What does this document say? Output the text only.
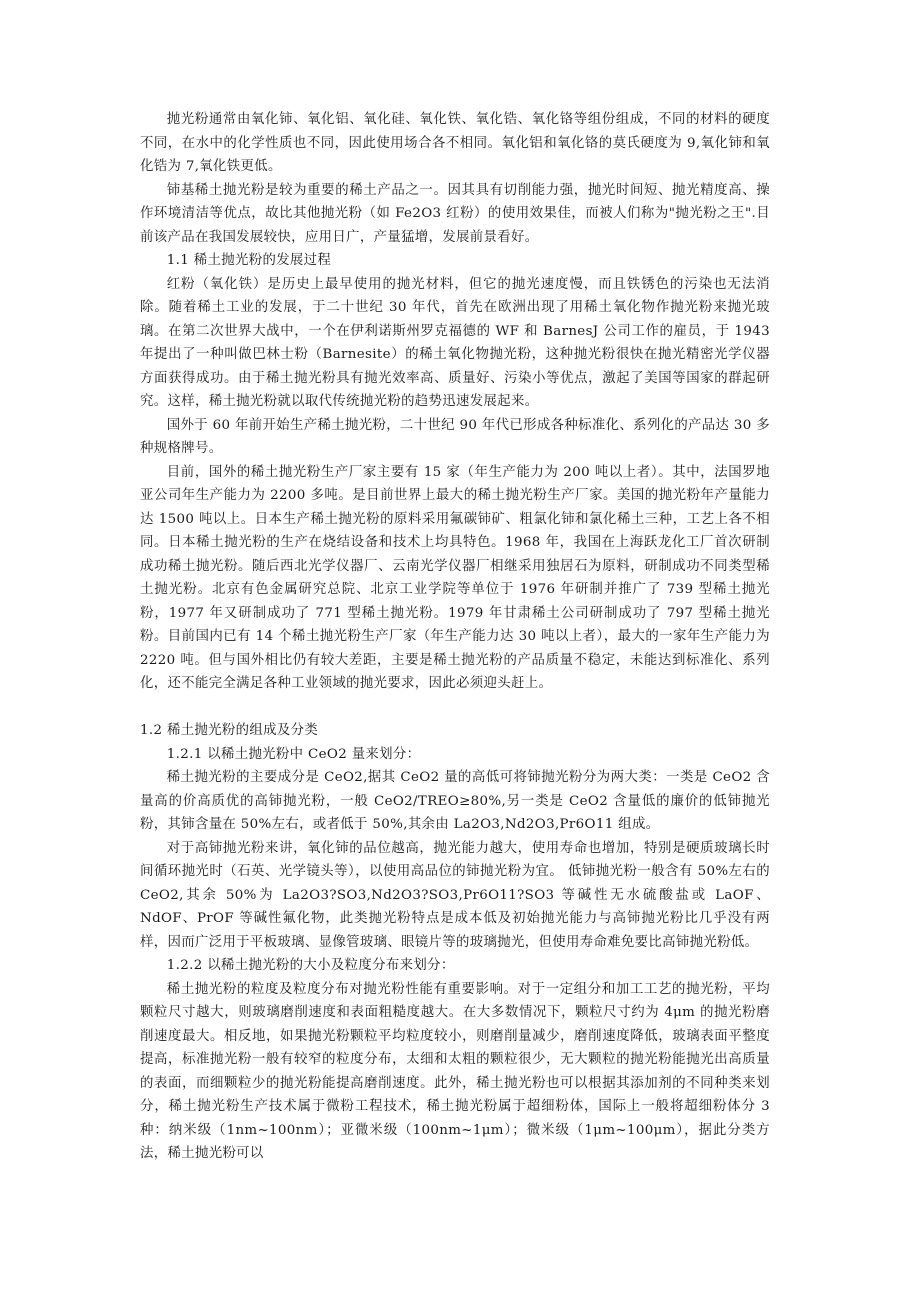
抛光粉通常由氧化铈、氧化铝、氧化硅、氧化铁、氧化锆、氧化铬等组份组成，不同的材料的硬度不同，在水中的化学性质也不同，因此使用场合各不相同。氧化铝和氧化铬的莫氏硬度为 9,氧化铈和氧化锆为 7,氧化铁更低。

铈基稀土抛光粉是较为重要的稀土产品之一。因其具有切削能力强，抛光时间短、抛光精度高、操作环境清洁等优点，故比其他抛光粉（如 Fe2O3 红粉）的使用效果佳，而被人们称为"抛光粉之王".目前该产品在我国发展较快，应用日广，产量猛增，发展前景看好。

1.1 稀土抛光粉的发展过程

红粉（氧化铁）是历史上最早使用的抛光材料，但它的抛光速度慢，而且铁锈色的污染也无法消除。随着稀土工业的发展，于二十世纪 30 年代，首先在欧洲出现了用稀土氧化物作抛光粉来抛光玻璃。在第二次世界大战中，一个在伊利诺斯州罗克福德的 WF 和 BarnesJ 公司工作的雇员，于 1943 年提出了一种叫做巴林士粉（Barnesite）的稀土氧化物抛光粉，这种抛光粉很快在抛光精密光学仪器方面获得成功。由于稀土抛光粉具有抛光效率高、质量好、污染小等优点，激起了美国等国家的群起研究。这样，稀土抛光粉就以取代传统抛光粉的趋势迅速发展起来。

国外于 60 年前开始生产稀土抛光粉，二十世纪 90 年代已形成各种标准化、系列化的产品达 30 多种规格牌号。

目前，国外的稀土抛光粉生产厂家主要有 15 家（年生产能力为 200 吨以上者）。其中，法国罗地亚公司年生产能力为 2200 多吨。是目前世界上最大的稀土抛光粉生产厂家。美国的抛光粉年产量能力达 1500 吨以上。日本生产稀土抛光粉的原料采用氟碳铈矿、粗氯化铈和氯化稀土三种，工艺上各不相同。日本稀土抛光粉的生产在烧结设备和技术上均具特色。1968 年，我国在上海跃龙化工厂首次研制成功稀土抛光粉。随后西北光学仪器厂、云南光学仪器厂相继采用独居石为原料，研制成功不同类型稀土抛光粉。北京有色金属研究总院、北京工业学院等单位于 1976 年研制并推广了 739 型稀土抛光粉，1977 年又研制成功了 771 型稀土抛光粉。1979 年甘肃稀土公司研制成功了 797 型稀土抛光粉。目前国内已有 14 个稀土抛光粉生产厂家（年生产能力达 30 吨以上者），最大的一家年生产能力为 2220 吨。但与国外相比仍有较大差距，主要是稀土抛光粉的产品质量不稳定，未能达到标准化、系列化，还不能完全满足各种工业领域的抛光要求，因此必须迎头赶上。

1.2 稀土抛光粉的组成及分类

1.2.1 以稀土抛光粉中 CeO2 量来划分：

稀土抛光粉的主要成分是 CeO2,据其 CeO2 量的高低可将铈抛光粉分为两大类：一类是 CeO2 含量高的价高质优的高铈抛光粉，一般 CeO2/TREO≥80%,另一类是 CeO2 含量低的廉价的低铈抛光粉，其铈含量在 50%左右，或者低于 50%,其余由 La2O3,Nd2O3,Pr6O11 组成。

对于高铈抛光粉来讲，氧化铈的品位越高，抛光能力越大，使用寿命也增加，特别是硬质玻璃长时间循环抛光时（石英、光学镜头等），以使用高品位的铈抛光粉为宜。 低铈抛光粉一般含有 50%左右的 CeO2,其余 50%为 La2O3?SO3,Nd2O3?SO3,Pr6O11?SO3 等碱性无水硫酸盐或 LaOF、NdOF、PrOF 等碱性氟化物，此类抛光粉特点是成本低及初始抛光能力与高铈抛光粉比几乎没有两样，因而广泛用于平板玻璃、显像管玻璃、眼镜片等的玻璃抛光，但使用寿命难免要比高铈抛光粉低。

1.2.2 以稀土抛光粉的大小及粒度分布来划分：

稀土抛光粉的粒度及粒度分布对抛光粉性能有重要影响。对于一定组分和加工工艺的抛光粉，平均颗粒尺寸越大，则玻璃磨削速度和表面粗糙度越大。在大多数情况下，颗粒尺寸约为 4μm 的抛光粉磨削速度最大。相反地，如果抛光粉颗粒平均粒度较小，则磨削量减少，磨削速度降低，玻璃表面平整度提高，标准抛光粉一般有较窄的粒度分布，太细和太粗的颗粒很少，无大颗粒的抛光粉能抛光出高质量的表面，而细颗粒少的抛光粉能提高磨削速度。此外，稀土抛光粉也可以根据其添加剂的不同种类来划分，稀土抛光粉生产技术属于微粉工程技术，稀土抛光粉属于超细粉体，国际上一般将超细粉体分 3 种：纳米级（1nm~100nm）；亚微米级（100nm~1μm）；微米级（1μm~100μm），据此分类方法，稀土抛光粉可以
